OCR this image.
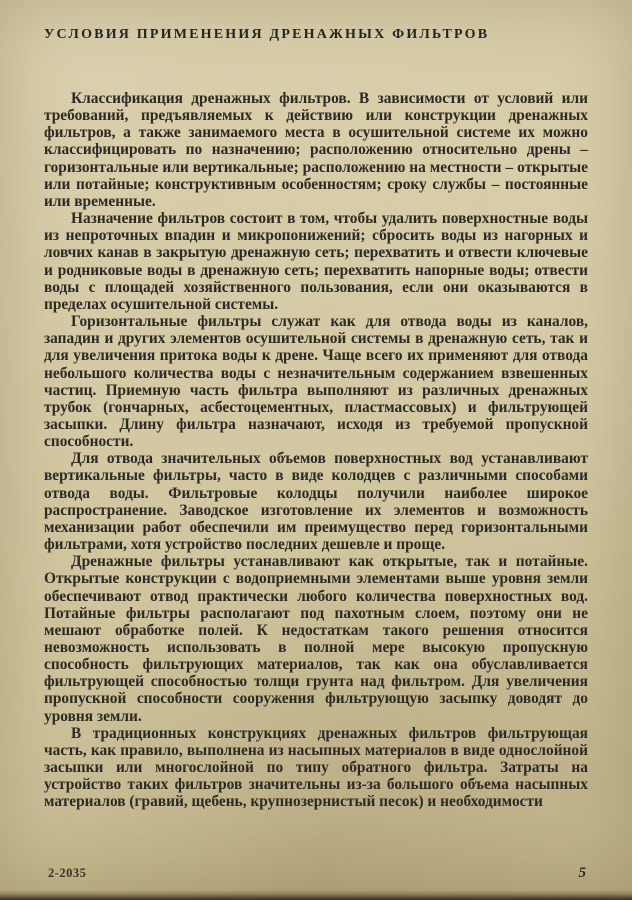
УСЛОВИЯ ПРИМЕНЕНИЯ ДРЕНАЖНЫХ ФИЛЬТРОВ

Классификация дренажных фильтров. В зависимости от условий или требований, предъявляемых к действию или конструкции дренажных фильтров, а также занимаемого места в осушительной системе их можно классифицировать по назначению; расположению относительно дрены – горизонтальные или вертикальные; расположению на местности – открытые или потайные; конструктивным особенностям; сроку службы – постоянные или временные.

Назначение фильтров состоит в том, чтобы удалить поверхностные воды из непроточных впадин и микропонижений; сбросить воды из нагорных и ловчих канав в закрытую дренажную сеть; перехватить и отвести ключевые и родниковые воды в дренажную сеть; перехватить напорные воды; отвести воды с площадей хозяйственного пользования, если они оказываются в пределах осушительной системы.

Горизонтальные фильтры служат как для отвода воды из каналов, западин и других элементов осушительной системы в дренажную сеть, так и для увеличения притока воды к дрене. Чаще всего их применяют для отвода небольшого количества воды с незначительным содержанием взвешенных частиц. Приемную часть фильтра выполняют из различных дренажных трубок (гончарных, асбестоцементных, пластмассовых) и фильтрующей засыпки. Длину фильтра назначают, исходя из требуемой пропускной способности.

Для отвода значительных объемов поверхностных вод устанавливают вертикальные фильтры, часто в виде колодцев с различными способами отвода воды. Фильтровые колодцы получили наиболее широкое распространение. Заводское изготовление их элементов и возможность механизации работ обеспечили им преимущество перед горизонтальными фильтрами, хотя устройство последних дешевле и проще.

Дренажные фильтры устанавливают как открытые, так и потайные. Открытые конструкции с водоприемными элементами выше уровня земли обеспечивают отвод практически любого количества поверхностных вод. Потайные фильтры располагают под пахотным слоем, поэтому они не мешают обработке полей. К недостаткам такого решения относится невозможность использовать в полной мере высокую пропускную способность фильтрующих материалов, так как она обуславливается фильтрующей способностью толщи грунта над фильтром. Для увеличения пропускной способности сооружения фильтрующую засыпку доводят до уровня земли.

В традиционных конструкциях дренажных фильтров фильтрующая часть, как правило, выполнена из насыпных материалов в виде однослойной засыпки или многослойной по типу обратного фильтра. Затраты на устройство таких фильтров значительны из-за большого объема насыпных материалов (гравий, щебень, крупнозернистый песок) и необходимости

2-2035	5
